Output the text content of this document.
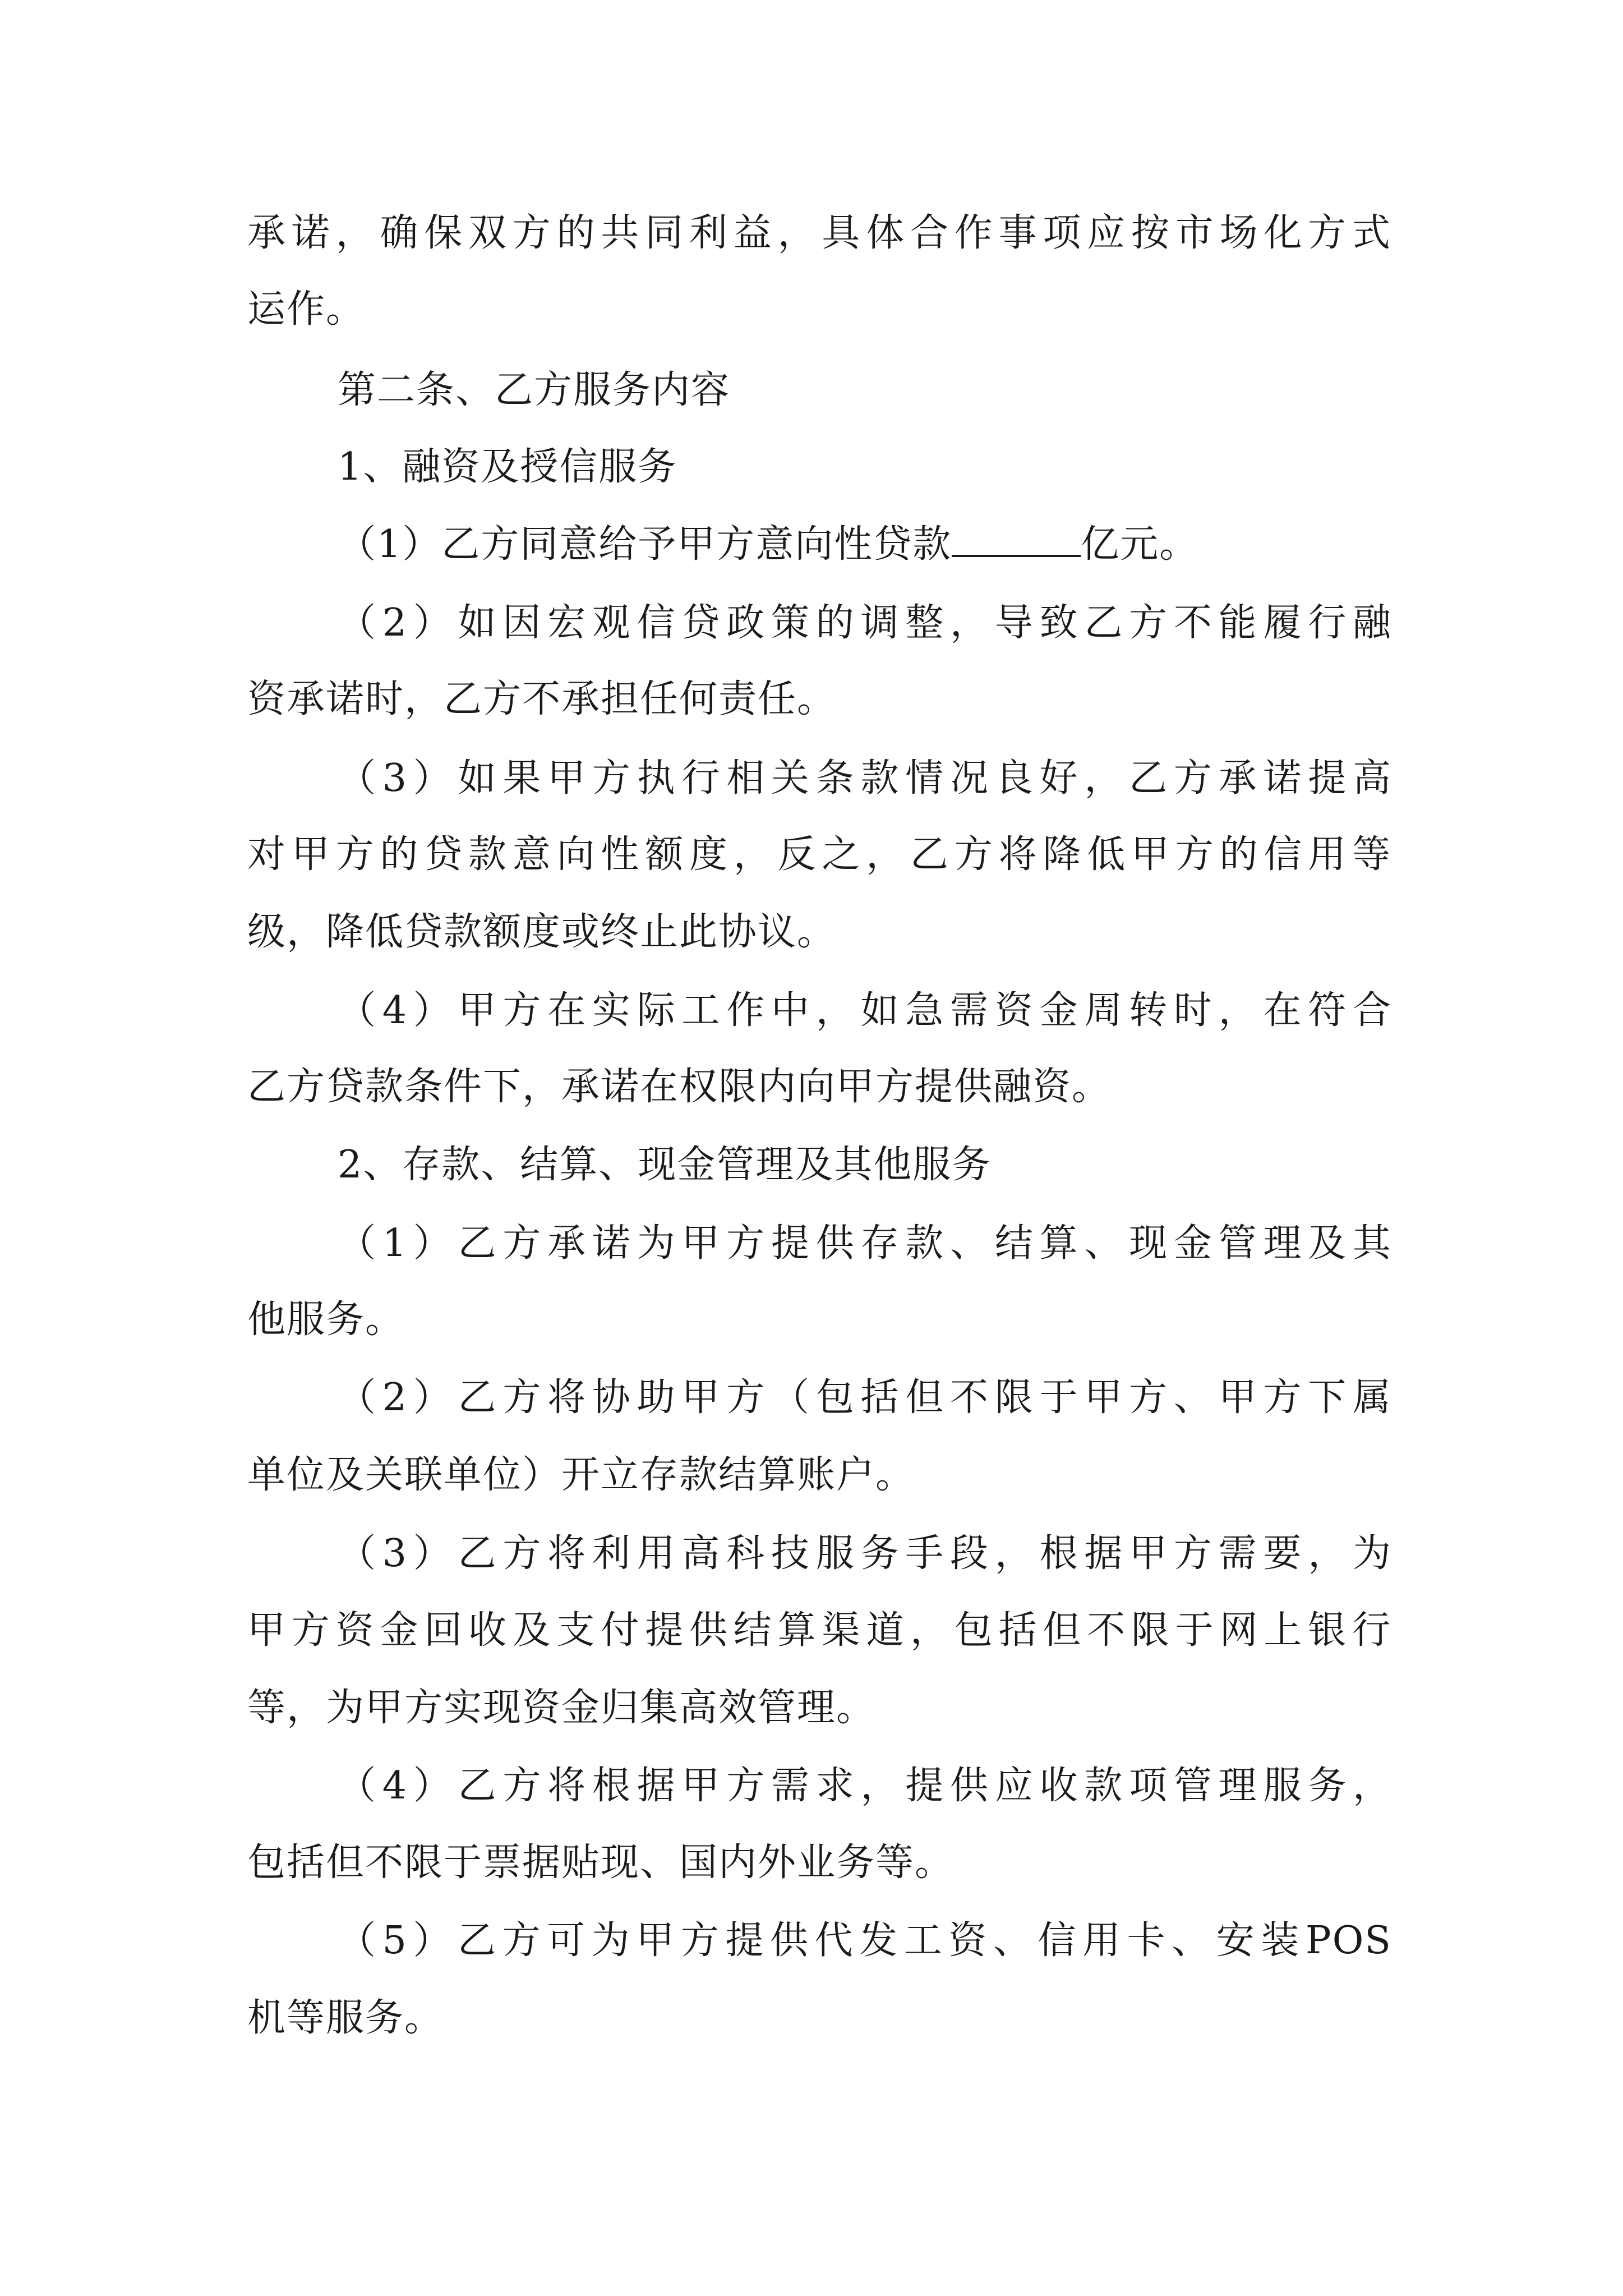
承诺，确保双方的共同利益，具体合作事项应按市场化方式
运作。
第二条、乙方服务内容
1、融资及授信服务
（1）乙方同意给予甲方意向性贷款	亿元。
（2）如因宏观信贷政策的调整，导致乙方不能履行融
资承诺时，乙方不承担任何责任。
（3）如果甲方执行相关条款情况良好，乙方承诺提高
对甲方的贷款意向性额度，反之，乙方将降低甲方的信用等
级，降低贷款额度或终止此协议。
（4）甲方在实际工作中，如急需资金周转时，在符合
乙方贷款条件下，承诺在权限内向甲方提供融资。
2、存款、结算、现金管理及其他服务
（1）乙方承诺为甲方提供存款、结算、现金管理及其
他服务。
（2）乙方将协助甲方（包括但不限于甲方、甲方下属
单位及关联单位）开立存款结算账户。
（3）乙方将利用高科技服务手段，根据甲方需要，为
甲方资金回收及支付提供结算渠道，包括但不限于网上银行
等，为甲方实现资金归集高效管理。
（4）乙方将根据甲方需求，提供应收款项管理服务，
包括但不限于票据贴现、国内外业务等。
（5）乙方可为甲方提供代发工资、信用卡、安装POS
机等服务。
